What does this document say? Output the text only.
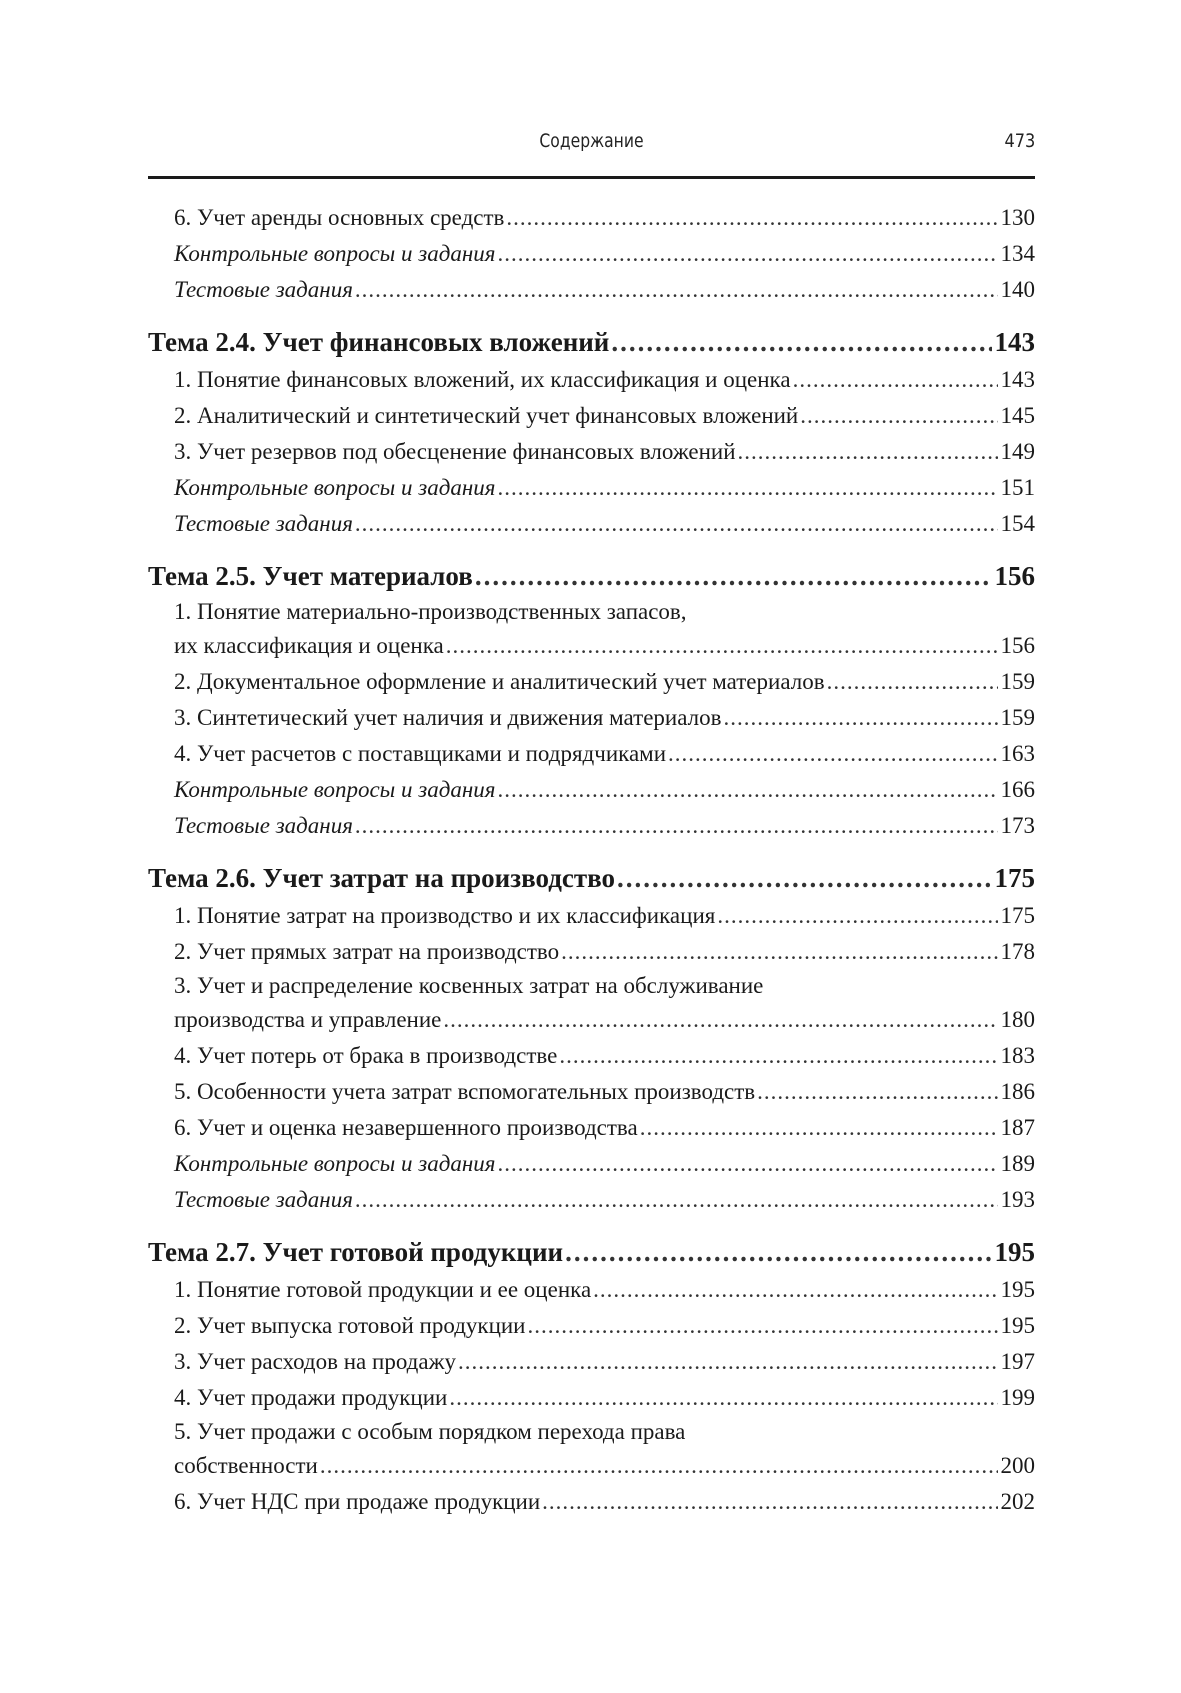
Содержание	473
6. Учет аренды основных средств .....	130
Контрольные вопросы и задания .....	134
Тестовые задания .....	140
Тема 2.4. Учет финансовых вложений .....	143
1. Понятие финансовых вложений, их классификация и оценка .....	143
2. Аналитический и синтетический учет финансовых вложений .....	145
3. Учет резервов под обесценение финансовых вложений .....	149
Контрольные вопросы и задания .....	151
Тестовые задания .....	154
Тема 2.5. Учет материалов .....	156
1. Понятие материально-производственных запасов,
их классификация и оценка .....	156
2. Документальное оформление и аналитический учет материалов .....	159
3. Синтетический учет наличия и движения материалов .....	159
4. Учет расчетов с поставщиками и подрядчиками .....	163
Контрольные вопросы и задания .....	166
Тестовые задания .....	173
Тема 2.6. Учет затрат на производство .....	175
1. Понятие затрат на производство и их классификация .....	175
2. Учет прямых затрат на производство .....	178
3. Учет и распределение косвенных затрат на обслуживание
производства и управление .....	180
4. Учет потерь от брака в производстве .....	183
5. Особенности учета затрат вспомогательных производств .....	186
6. Учет и оценка незавершенного производства .....	187
Контрольные вопросы и задания .....	189
Тестовые задания .....	193
Тема 2.7. Учет готовой продукции .....	195
1. Понятие готовой продукции и ее оценка .....	195
2. Учет выпуска готовой продукции .....	195
3. Учет расходов на продажу .....	197
4. Учет продажи продукции .....	199
5. Учет продажи с особым порядком перехода права
собственности .....	200
6. Учет НДС при продаже продукции .....	202
